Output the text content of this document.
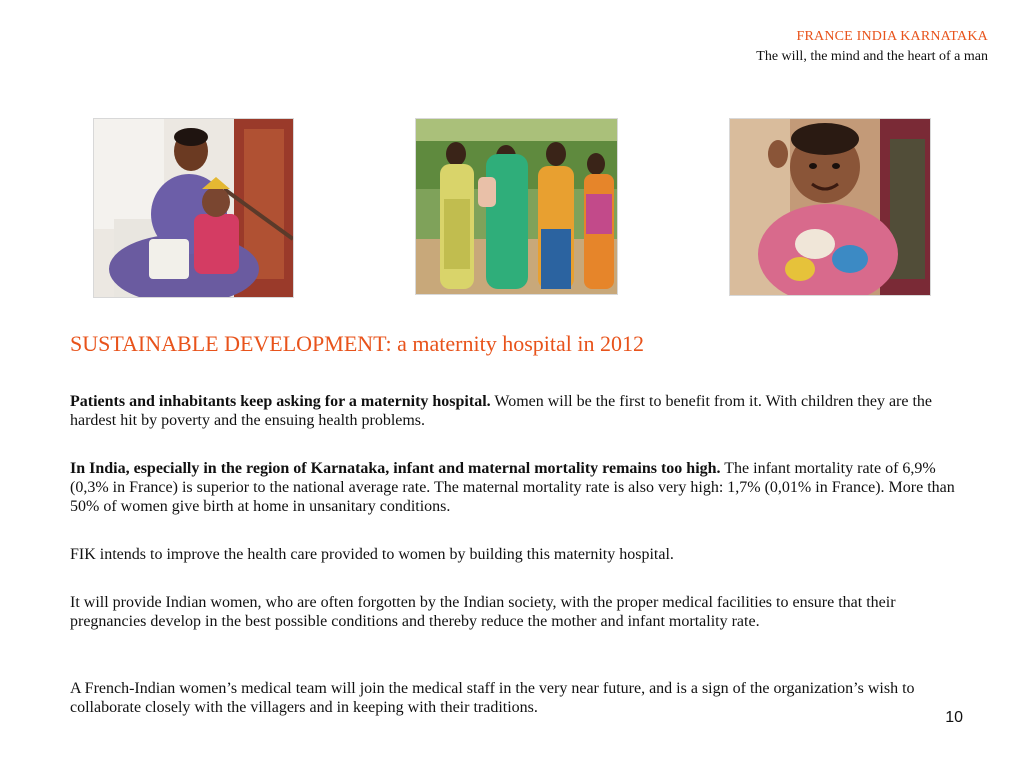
FRANCE INDIA KARNATAKA
The will, the mind and the heart of a man
SUSTAINABLE DEVELOPMENT: a maternity hospital in 2012

Patients and inhabitants keep asking for a maternity hospital. Women will be the first to benefit from it. With children they are the hardest hit by poverty and the ensuing health problems.

In India, especially in the region of Karnataka, infant and maternal mortality remains too high. The infant mortality rate of 6,9% (0,3% in France) is superior to the national average rate. The maternal mortality rate is also very high: 1,7% (0,01% in France). More than 50% of women give birth at home in unsanitary conditions.

FIK intends to improve the health care provided to women by building this maternity hospital.

It will provide Indian women, who are often forgotten by the Indian society, with the proper medical facilities to ensure that their pregnancies develop in the best possible conditions and thereby reduce the mother and infant mortality rate.

A French-Indian women’s medical team will join the medical staff in the very near future, and is a sign of the organization’s wish to collaborate closely with the villagers and in keeping with their traditions.

10
